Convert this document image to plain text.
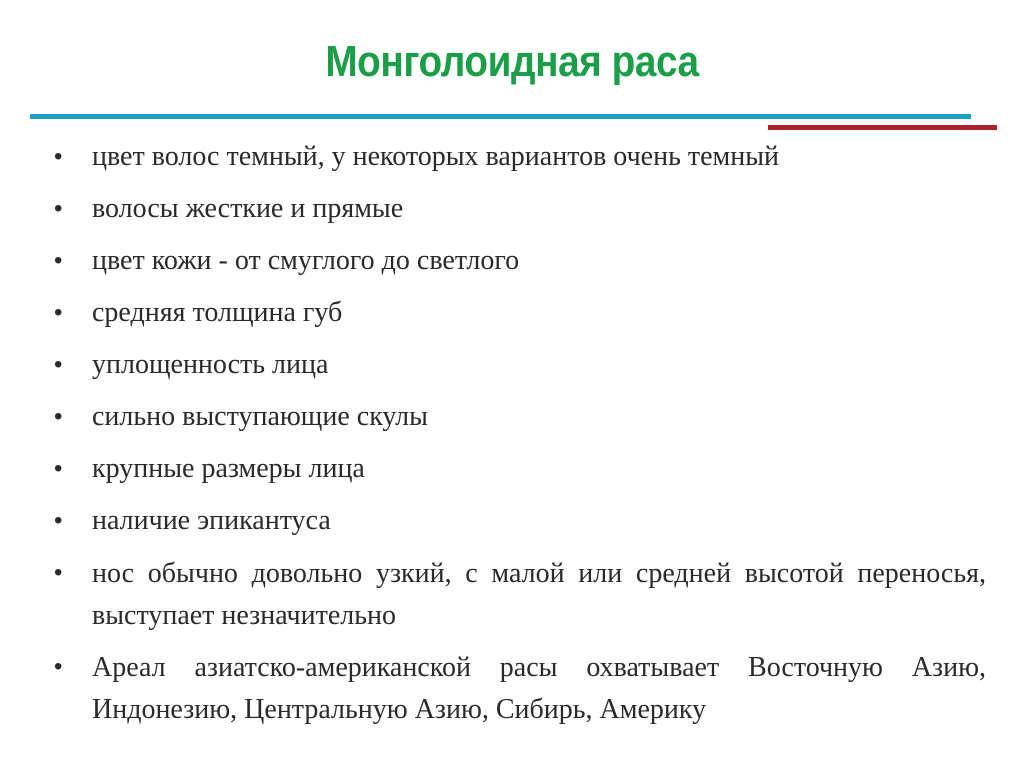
Монголоидная раса
• цвет волос темный, у некоторых вариантов очень темный
• волосы жесткие и прямые
• цвет кожи - от смуглого до светлого
• средняя толщина губ
• уплощенность лица
• сильно выступающие скулы
• крупные размеры лица
• наличие эпикантуса
• нос обычно довольно узкий, с малой или средней высотой переносья, выступает незначительно
• Ареал азиатско-американской расы охватывает Восточную Азию, Индонезию, Центральную Азию, Сибирь, Америку
